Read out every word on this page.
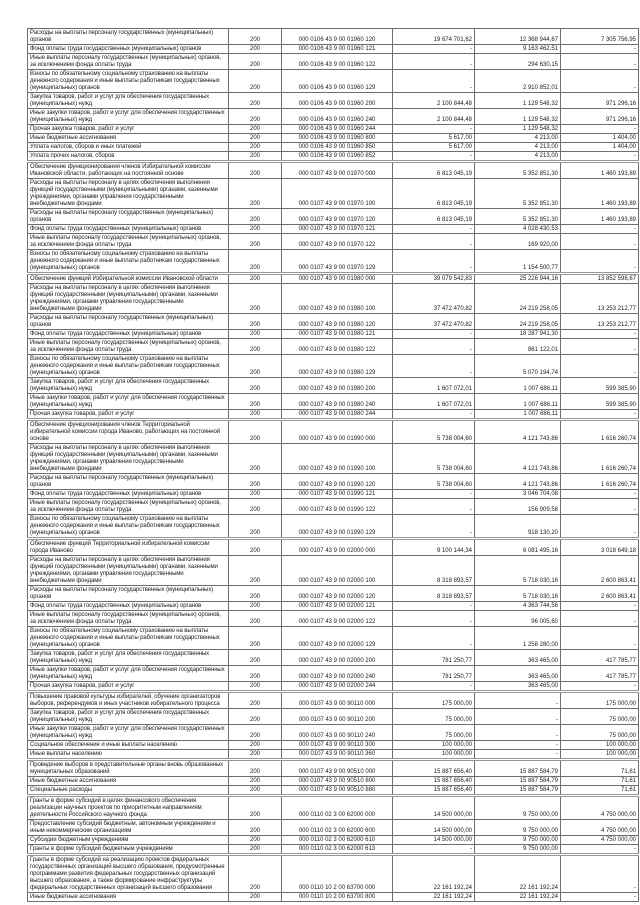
Расходы на выплаты персоналу государственных (муниципальных) органов	200	000 0106 43 9 00 01960 120	19 674 701,62	12 368 944,67	7 305 756,95
Фонд оплаты труда государственных (муниципальных) органов	200	000 0106 43 9 00 01960 121	-	9 163 462,51	-
Иные выплаты персоналу государственных (муниципальных) органов, за исключением фонда оплаты труда	200	000 0106 43 9 00 01960 122	-	294 630,15	-
Взносы по обязательному социальному страхованию на выплаты денежного содержания и иные выплаты работникам государственных (муниципальных) органов	200	000 0106 43 9 00 01960 129	-	2 910 852,01	-
Закупка товаров, работ и услуг для обеспечения государственных (муниципальных) нужд	200	000 0106 43 9 00 01960 200	2 100 844,48	1 129 548,32	971 296,16
Иные закупки товаров, работ и услуг для обеспечения государственных (муниципальных) нужд	200	000 0106 43 9 00 01960 240	2 100 844,48	1 129 548,32	971 296,16
Прочая закупка товаров, работ и услуг	200	000 0106 43 9 00 01960 244	-	1 129 548,32	-
Иные бюджетные ассигнования	200	000 0106 43 9 00 01960 800	5 617,00	4 213,00	1 404,00
Уплата налогов, сборов и иных платежей	200	000 0106 43 9 00 01960 850	5 617,00	4 213,00	1 404,00
Уплата прочих налогов, сборов	200	000 0106 43 9 00 01960 852	-	4 213,00	-
Обеспечение функционирования членов Избирательной комиссии Ивановской области, работающих на постоянной основе	200	000 0107 43 9 00 01970 000	6 813 045,19	5 352 851,30	1 460 193,89
Расходы на выплаты персоналу в целях обеспечения выполнения функций государственными (муниципальными) органами, казенными учреждениями, органами управления государственными внебюджетными фондами	200	000 0107 43 9 00 01970 100	6 813 045,19	5 352 851,30	1 460 193,89
Расходы на выплаты персоналу государственных (муниципальных) органов	200	000 0107 43 9 00 01970 120	6 813 045,19	5 352 851,30	1 460 193,89
Фонд оплаты труда государственных (муниципальных) органов	200	000 0107 43 9 00 01970 121	-	4 028 430,53	-
Иные выплаты персоналу государственных (муниципальных) органов, за исключением фонда оплаты труда	200	000 0107 43 9 00 01970 122	-	169 920,00	-
Взносы по обязательному социальному страхованию на выплаты денежного содержания и иные выплаты работникам государственных (муниципальных) органов	200	000 0107 43 9 00 01970 129	-	1 154 500,77	-
Обеспечение функций Избирательной комиссии Ивановской области	200	000 0107 43 9 00 01980 000	39 079 542,83	25 226 944,16	13 852 598,67
Расходы на выплаты персоналу в целях обеспечения выполнения функций государственными (муниципальными) органами, казенными учреждениями, органами управления государственными внебюджетными фондами	200	000 0107 43 9 00 01980 100	37 472 470,82	24 219 258,05	13 253 212,77
Расходы на выплаты персоналу государственных (муниципальных) органов	200	000 0107 43 9 00 01980 120	37 472 470,82	24 219 258,05	13 253 212,77
Фонд оплаты труда государственных (муниципальных) органов	200	000 0107 43 9 00 01980 121	-	18 287 941,30	-
Иные выплаты персоналу государственных (муниципальных) органов, за исключением фонда оплаты труда	200	000 0107 43 9 00 01980 122	-	861 122,01	-
Взносы по обязательному социальному страхованию на выплаты денежного содержания и иные выплаты работникам государственных (муниципальных) органов	200	000 0107 43 9 00 01980 129	-	5 070 194,74	-
Закупка товаров, работ и услуг для обеспечения государственных (муниципальных) нужд	200	000 0107 43 9 00 01980 200	1 607 072,01	1 007 686,11	599 385,90
Иные закупки товаров, работ и услуг для обеспечения государственных (муниципальных) нужд	200	000 0107 43 9 00 01980 240	1 607 072,01	1 007 686,11	599 385,90
Прочая закупка товаров, работ и услуг	200	000 0107 43 9 00 01980 244	-	1 007 686,11	-
Обеспечение функционирования членов Территориальной избирательной комиссии города Иваново, работающих на постоянной основе	200	000 0107 43 9 00 01990 000	5 738 004,60	4 121 743,86	1 616 260,74
Расходы на выплаты персоналу в целях обеспечения выполнения функций государственными (муниципальными) органами, казенными учреждениями, органами управления государственными внебюджетными фондами	200	000 0107 43 9 00 01990 100	5 738 004,60	4 121 743,86	1 616 260,74
Расходы на выплаты персоналу государственных (муниципальных) органов	200	000 0107 43 9 00 01990 120	5 738 004,60	4 121 743,86	1 616 260,74
Фонд оплаты труда государственных (муниципальных) органов	200	000 0107 43 9 00 01990 121	-	3 046 704,08	-
Иные выплаты персоналу государственных (муниципальных) органов, за исключением фонда оплаты труда	200	000 0107 43 9 00 01990 122	-	156 909,58	-
Взносы по обязательному социальному страхованию на выплаты денежного содержания и иные выплаты работникам государственных (муниципальных) органов	200	000 0107 43 9 00 01990 129	-	918 130,20	-
Обеспечение функций Территориальной избирательной комиссии города Иваново	200	000 0107 43 9 00 02000 000	9 100 144,34	6 081 495,16	3 018 649,18
Расходы на выплаты персоналу в целях обеспечения выполнения функций государственными (муниципальными) органами, казенными учреждениями, органами управления государственными внебюджетными фондами	200	000 0107 43 9 00 02000 100	8 318 893,57	5 718 030,16	2 600 863,41
Расходы на выплаты персоналу государственных (муниципальных) органов	200	000 0107 43 9 00 02000 120	8 318 893,57	5 718 030,16	2 600 863,41
Фонд оплаты труда государственных (муниципальных) органов	200	000 0107 43 9 00 02000 121	-	4 363 744,56	-
Иные выплаты персоналу государственных (муниципальных) органов, за исключением фонда оплаты труда	200	000 0107 43 9 00 02000 122	-	96 005,60	-
Взносы по обязательному социальному страхованию на выплаты денежного содержания и иные выплаты работникам государственных (муниципальных) органов	200	000 0107 43 9 00 02000 129	-	1 258 280,00	-
Закупка товаров, работ и услуг для обеспечения государственных (муниципальных) нужд	200	000 0107 43 9 00 02000 200	781 250,77	363 465,00	417 785,77
Иные закупки товаров, работ и услуг для обеспечения государственных (муниципальных) нужд	200	000 0107 43 9 00 02000 240	781 250,77	363 465,00	417 785,77
Прочая закупка товаров, работ и услуг	200	000 0107 43 9 00 02000 244	-	363 465,00	-
Повышение правовой культуры избирателей, обучение организаторов выборов, референдумов и иных участников избирательного процесса	200	000 0107 43 9 00 90110 000	175 000,00	-	175 000,00
Закупка товаров, работ и услуг для обеспечения государственных (муниципальных) нужд	200	000 0107 43 9 00 90110 200	75 000,00	-	75 000,00
Иные закупки товаров, работ и услуг для обеспечения государственных (муниципальных) нужд	200	000 0107 43 9 00 90110 240	75 000,00	-	75 000,00
Социальное обеспечение и иные выплаты населению	200	000 0107 43 9 00 90110 300	100 000,00	-	100 000,00
Иные выплаты населению	200	000 0107 43 9 00 90110 360	100 000,00	-	100 000,00
Проведение выборов в представительные органы вновь образованных муниципальных образований	200	000 0107 43 9 00 90510 000	15 887 656,40	15 887 584,79	71,61
Иные бюджетные ассигнования	200	000 0107 43 9 00 90510 800	15 887 656,40	15 887 584,79	71,61
Специальные расходы	200	000 0107 43 9 00 90510 880	15 887 656,40	15 887 584,79	71,61
Гранты в форме субсидий в целях финансового обеспечения реализации научных проектов по приоритетным направлениям деятельности Российского научного фонда	200	000 0110 02 3 00 62000 000	14 500 000,00	9 750 000,00	4 750 000,00
Предоставление субсидий бюджетным, автономным учреждениям и иным некоммерческим организациям	200	000 0110 02 3 00 62000 600	14 500 000,00	9 750 000,00	4 750 000,00
Субсидии бюджетным учреждениям	200	000 0110 02 3 00 62000 610	14 500 000,00	9 750 000,00	4 750 000,00
Гранты в форме субсидий бюджетным учреждениям	200	000 0110 02 3 00 62000 613	-	9 750 000,00	-
Гранты в форме субсидий на реализацию проектов федеральных государственных организаций высшего образования, предусмотренные программами развития федеральных государственных организаций высшего образования, а также формирование инфраструктуры федеральных государственных организаций высшего образования	200	000 0110 10 2 00 63700 000	22 161 192,24	22 161 192,24	-
Иные бюджетные ассигнования	200	000 0110 10 2 00 63700 800	22 161 192,24	22 161 192,24	-
